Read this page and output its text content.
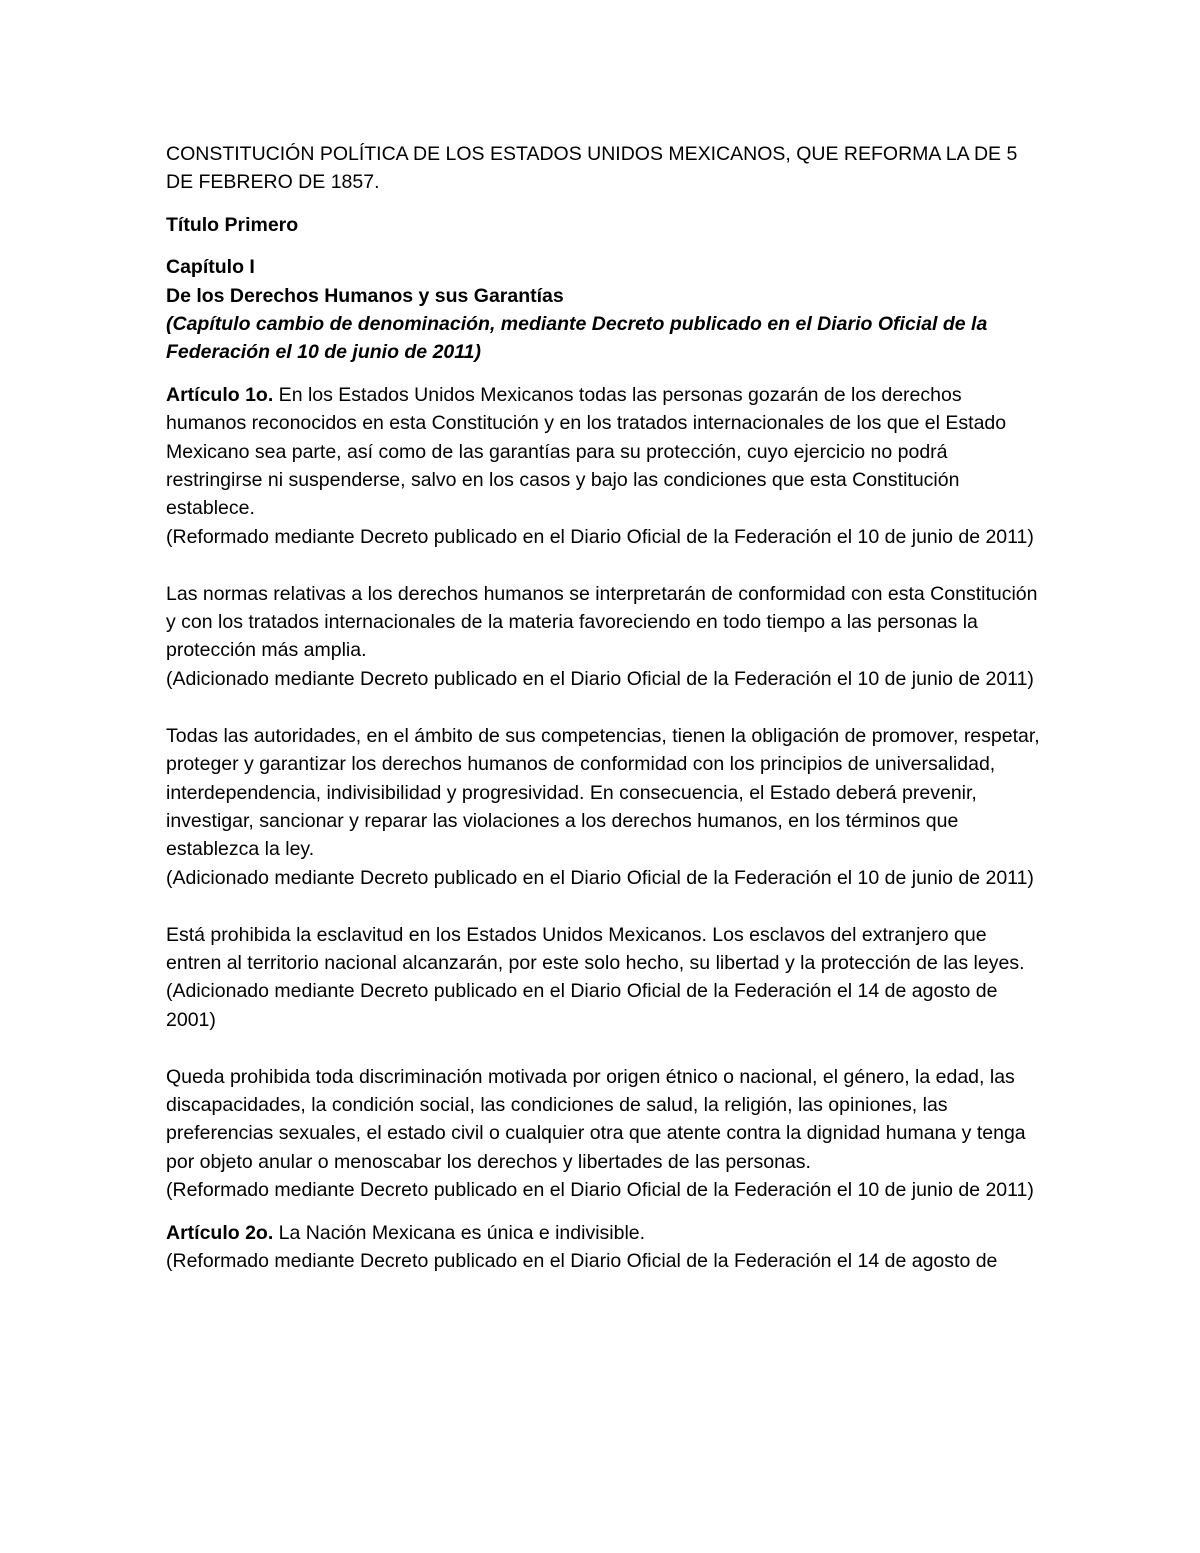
CONSTITUCIÓN POLÍTICA DE LOS ESTADOS UNIDOS MEXICANOS, QUE REFORMA LA DE 5 DE FEBRERO DE 1857.

Título Primero

Capítulo I

De los Derechos Humanos y sus Garantías

(Capítulo cambio de denominación, mediante Decreto publicado en el Diario Oficial de la Federación el 10 de junio de 2011)

Artículo 1o. En los Estados Unidos Mexicanos todas las personas gozarán de los derechos humanos reconocidos en esta Constitución y en los tratados internacionales de los que el Estado Mexicano sea parte, así como de las garantías para su protección, cuyo ejercicio no podrá restringirse ni suspenderse, salvo en los casos y bajo las condiciones que esta Constitución establece.

(Reformado mediante Decreto publicado en el Diario Oficial de la Federación el 10 de junio de 2011)

Las normas relativas a los derechos humanos se interpretarán de conformidad con esta Constitución y con los tratados internacionales de la materia favoreciendo en todo tiempo a las personas la protección más amplia.

(Adicionado mediante Decreto publicado en el Diario Oficial de la Federación el 10 de junio de 2011)

Todas las autoridades, en el ámbito de sus competencias, tienen la obligación de promover, respetar, proteger y garantizar los derechos humanos de conformidad con los principios de universalidad, interdependencia, indivisibilidad y progresividad. En consecuencia, el Estado deberá prevenir, investigar, sancionar y reparar las violaciones a los derechos humanos, en los términos que establezca la ley.

(Adicionado mediante Decreto publicado en el Diario Oficial de la Federación el 10 de junio de 2011)

Está prohibida la esclavitud en los Estados Unidos Mexicanos. Los esclavos del extranjero que entren al territorio nacional alcanzarán, por este solo hecho, su libertad y la protección de las leyes.

(Adicionado mediante Decreto publicado en el Diario Oficial de la Federación el 14 de agosto de 2001)

Queda prohibida toda discriminación motivada por origen étnico o nacional, el género, la edad, las discapacidades, la condición social, las condiciones de salud, la religión, las opiniones, las preferencias sexuales, el estado civil o cualquier otra que atente contra la dignidad humana y tenga por objeto anular o menoscabar los derechos y libertades de las personas.

(Reformado mediante Decreto publicado en el Diario Oficial de la Federación el 10 de junio de 2011)

Artículo 2o. La Nación Mexicana es única e indivisible.

(Reformado mediante Decreto publicado en el Diario Oficial de la Federación el 14 de agosto de
